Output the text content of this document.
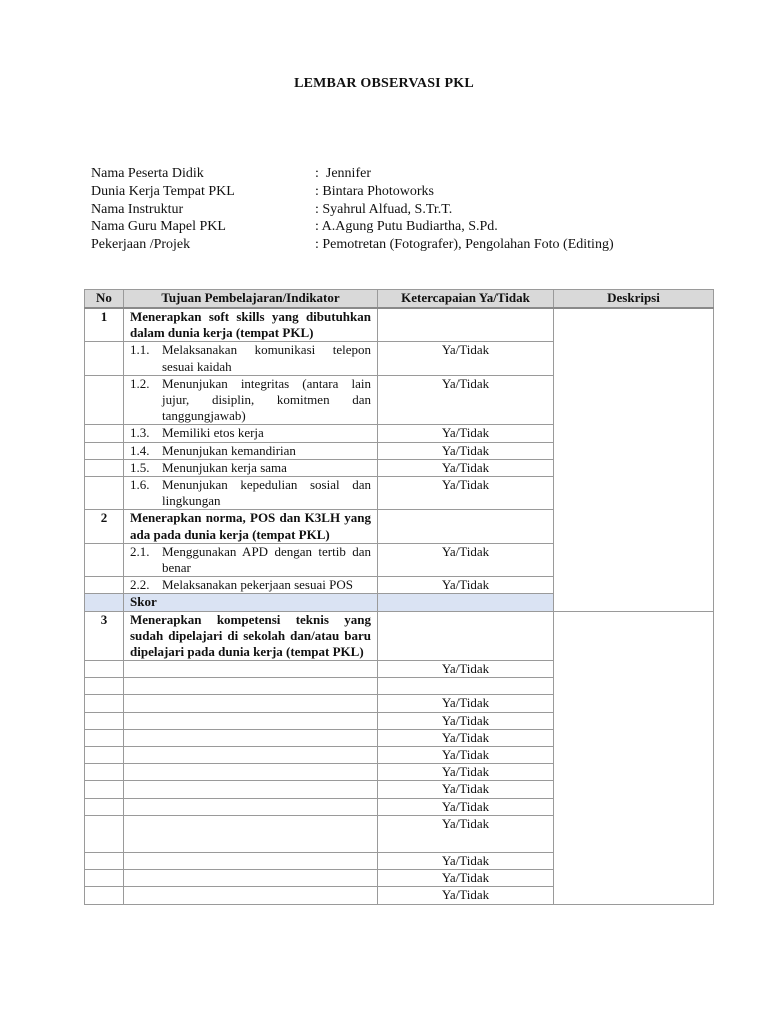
LEMBAR OBSERVASI PKL
Nama Peserta Didik	:  Jennifer
Dunia Kerja Tempat PKL	: Bintara Photoworks
Nama Instruktur	: Syahrul Alfuad, S.Tr.T.
Nama Guru Mapel PKL	: A.Agung Putu Budiartha, S.Pd.
Pekerjaan /Projek	: Pemotretan (Fotografer), Pengolahan Foto (Editing)
No	Tujuan Pembelajaran/Indikator	Ketercapaian Ya/Tidak	Deskripsi
1	Menerapkan soft skills yang dibutuhkan dalam dunia kerja (tempat PKL)		

	1.1. Melaksanakan komunikasi telepon sesuai kaidah	Ya/Tidak	

	1.2. Menunjukan integritas (antara lain jujur, disiplin, komitmen dan tanggungjawab)	Ya/Tidak	

	1.3. Memiliki etos kerja	Ya/Tidak	

	1.4. Menunjukan kemandirian	Ya/Tidak	

	1.5. Menunjukan kerja sama	Ya/Tidak	

	1.6. Menunjukan kepedulian sosial dan lingkungan	Ya/Tidak	
2	Menerapkan norma, POS dan K3LH yang ada pada dunia kerja (tempat PKL)		

	2.1. Menggunakan APD dengan tertib dan benar	Ya/Tidak	

	2.2. Melaksanakan pekerjaan sesuai POS	Ya/Tidak	
	Skor		
3	Menerapkan kompetensi teknis yang sudah dipelajari di sekolah dan/atau baru dipelajari pada dunia kerja (tempat PKL)		
		Ya/Tidak	

		Ya/Tidak	
		Ya/Tidak	
		Ya/Tidak	
		Ya/Tidak	
		Ya/Tidak	
		Ya/Tidak	
		Ya/Tidak	
		Ya/Tidak	
		Ya/Tidak	
		Ya/Tidak	
		Ya/Tidak	
